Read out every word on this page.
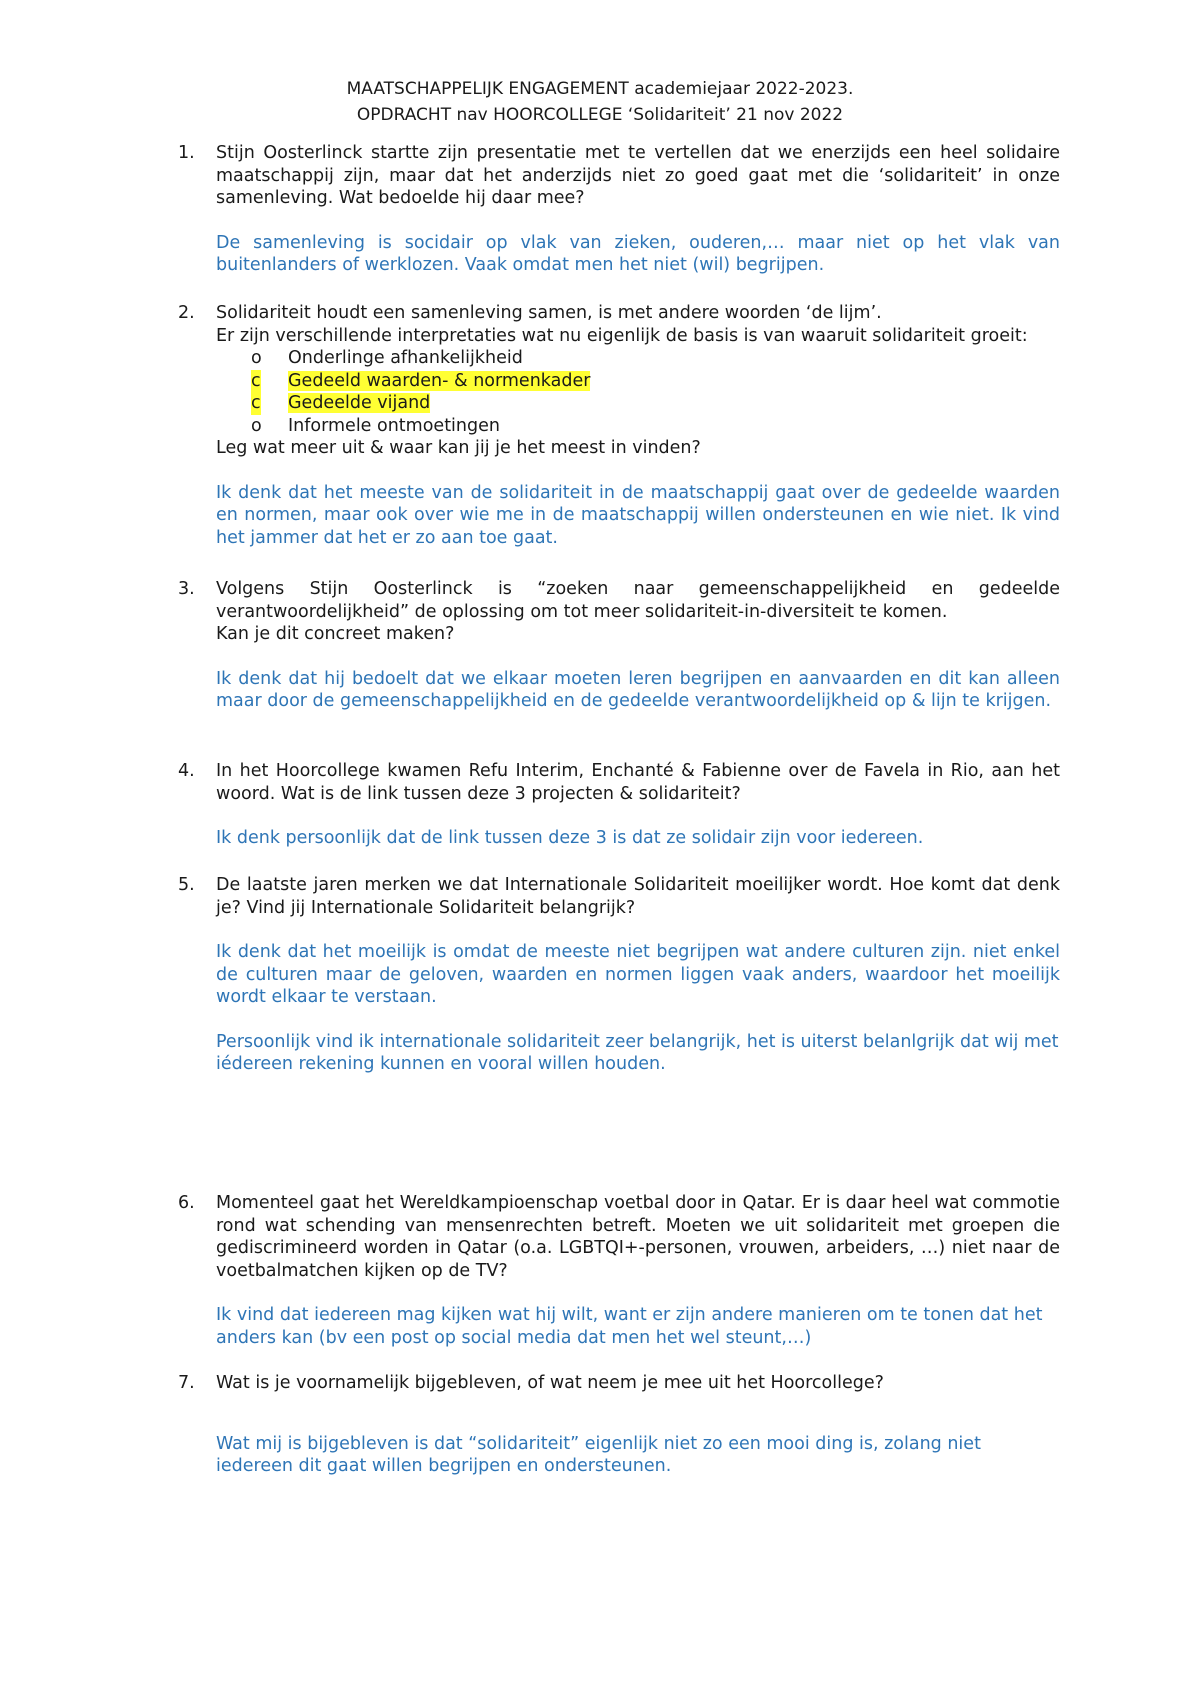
MAATSCHAPPELIJK ENGAGEMENT academiejaar 2022-2023.
OPDRACHT nav HOORCOLLEGE ‘Solidariteit’ 21 nov 2022
1. Stijn Oosterlinck startte zijn presentatie met te vertellen dat we enerzijds een heel solidaire maatschappij zijn, maar dat het anderzijds niet zo goed gaat met die ‘solidariteit’ in onze samenleving. Wat bedoelde hij daar mee?
De samenleving is socidair op vlak van zieken, ouderen,… maar niet op het vlak van buitenlanders of werklozen. Vaak omdat men het niet (wil) begrijpen.
2. Solidariteit houdt een samenleving samen, is met andere woorden ‘de lijm’.
Er zijn verschillende interpretaties wat nu eigenlijk de basis is van waaruit solidariteit groeit:
o Onderlinge afhankelijkheid
c Gedeeld waarden- & normenkader
c Gedeelde vijand
o Informele ontmoetingen
Leg wat meer uit & waar kan jij je het meest in vinden?
Ik denk dat het meeste van de solidariteit in de maatschappij gaat over de gedeelde waarden en normen, maar ook over wie me in de maatschappij willen ondersteunen en wie niet. Ik vind het jammer dat het er zo aan toe gaat.
3. Volgens Stijn Oosterlinck is “zoeken naar gemeenschappelijkheid en gedeelde verantwoordelijkheid” de oplossing om tot meer solidariteit-in-diversiteit te komen.
Kan je dit concreet maken?
Ik denk dat hij bedoelt dat we elkaar moeten leren begrijpen en aanvaarden en dit kan alleen maar door de gemeenschappelijkheid en de gedeelde verantwoordelijkheid op & lijn te krijgen.
4. In het Hoorcollege kwamen Refu Interim, Enchanté & Fabienne over de Favela in Rio, aan het woord. Wat is de link tussen deze 3 projecten & solidariteit?
Ik denk persoonlijk dat de link tussen deze 3 is dat ze solidair zijn voor iedereen.
5. De laatste jaren merken we dat Internationale Solidariteit moeilijker wordt. Hoe komt dat denk je? Vind jij Internationale Solidariteit belangrijk?
Ik denk dat het moeilijk is omdat de meeste niet begrijpen wat andere culturen zijn. niet enkel de culturen maar de geloven, waarden en normen liggen vaak anders, waardoor het moeilijk wordt elkaar te verstaan.
Persoonlijk vind ik internationale solidariteit zeer belangrijk, het is uiterst belanlgrijk dat wij met iédereen rekening kunnen en vooral willen houden.
6. Momenteel gaat het Wereldkampioenschap voetbal door in Qatar. Er is daar heel wat commotie rond wat schending van mensenrechten betreft. Moeten we uit solidariteit met groepen die gediscrimineerd worden in Qatar (o.a. LGBTQI+-personen, vrouwen, arbeiders, …) niet naar de voetbalmatchen kijken op de TV?
Ik vind dat iedereen mag kijken wat hij wilt, want er zijn andere manieren om te tonen dat het anders kan (bv een post op social media dat men het wel steunt,…)
7. Wat is je voornamelijk bijgebleven, of wat neem je mee uit het Hoorcollege?
Wat mij is bijgebleven is dat “solidariteit” eigenlijk niet zo een mooi ding is, zolang niet iedereen dit gaat willen begrijpen en ondersteunen.
